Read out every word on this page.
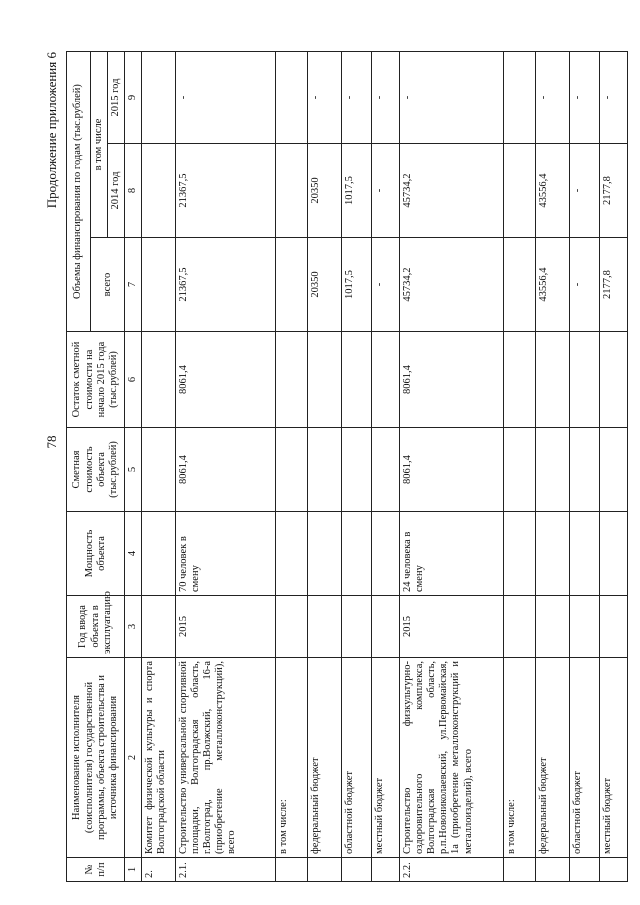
78
Продолжение приложения 6
№ п/п	Наименование исполнителя (соисполнителя) государственной программы, объекта строительства и источника финансирования	Год ввода объекта в эксплуатацию	Мощность объекта	Сметная стоимость объекта (тыс.рублей)	Остаток сметной стоимости на начало 2015 года (тыс.рублей)	Объемы финансирования по годам (тыс.рублей)		
						всего	в том числе	
							2014 год	2015 год
1	2	3	4	5	6	7	8	9
2.	Комитет физической культуры и спорта Волгоградской области							
2.1.	Строительство универсальной спортивной площадки, Волгоградская область, г.Волгоград, пр.Волжский, 16-а (приобретение металлоконструкций), всего	2015	70 человек в смену	8061,4	8061,4	21367,5	21367,5	-
	в том числе:							
	федеральный бюджет					20350	20350	-
	областной бюджет					1017,5	1017,5	-
	местный бюджет					-	-	-
2.2.	Строительство физкультурно-оздоровительного комплекса, Волгоградская область, р.п.Новониколаевский, ул.Первомайская, 1а (приобретение металлоконструкций и металлоизделий), всего	2015	24 человека в смену	8061,4	8061,4	45734,2	45734,2	-
	в том числе:							
	федеральный бюджет					43556,4	43556,4	-
	областной бюджет					-	-	-
	местный бюджет					2177,8	2177,8	-
